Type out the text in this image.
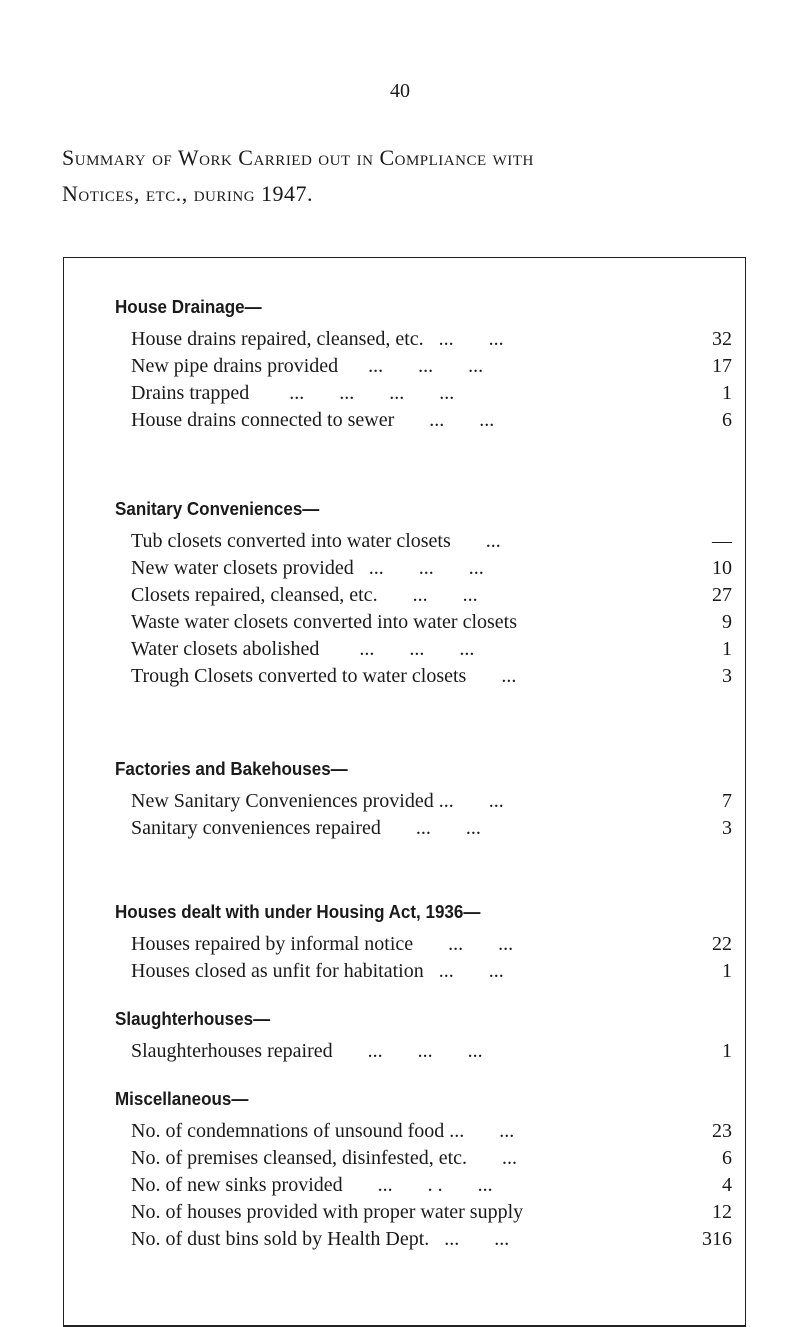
40
Summary of Work Carried out in Compliance with
Notices, etc., during 1947.
House Drainage—
House drains repaired, cleansed, etc.   ...       ...	32
New pipe drains provided      ...       ...       ...	17
Drains trapped        ...       ...       ...       ...	1
House drains connected to sewer       ...       ...	6
Sanitary Conveniences—
Tub closets converted into water closets       ...	—
New water closets provided   ...       ...       ...	10
Closets repaired, cleansed, etc.       ...       ...	27
Waste water closets converted into water closets	9
Water closets abolished        ...       ...       ...	1
Trough Closets converted to water closets       ...	3
Factories and Bakehouses—
New Sanitary Conveniences provided ...       ...	7
Sanitary conveniences repaired       ...       ...	3
Houses dealt with under Housing Act, 1936—
Houses repaired by informal notice       ...       ...	22
Houses closed as unfit for habitation   ...       ...	1
Slaughterhouses—
Slaughterhouses repaired       ...       ...       ...	1
Miscellaneous—
No. of condemnations of unsound food ...       ...	23
No. of premises cleansed, disinfested, etc.       ...	6
No. of new sinks provided       ...       . .       ...	4
No. of houses provided with proper water supply	12
No. of dust bins sold by Health Dept.   ...       ...	316
